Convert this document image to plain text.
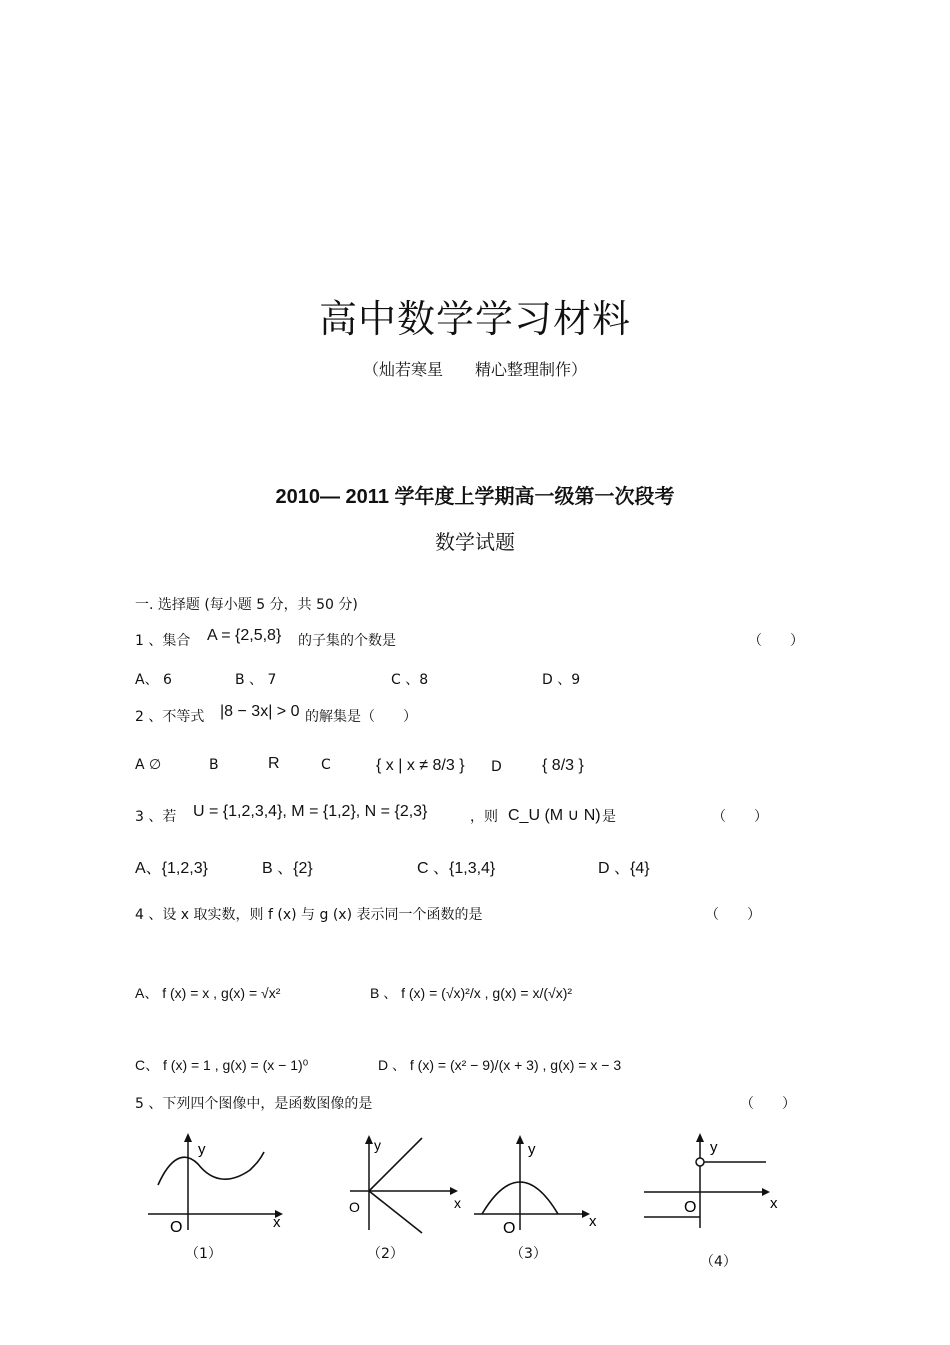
高中数学学习材料
（灿若寒星　　精心整理制作）
2010— 2011 学年度上学期高一级第一次段考
数学试题
一. 选择题 (每小题 5 分，共 50 分)
1 、集合 A = {2,5,8} 的子集的个数是	（　　）
A、 6	B 、 7	C 、8	D 、9
2 、不等式 |8 − 3x| > 0 的解集是（　　）
A ∅	B	R	C	{ x | x ≠ 8/3 } D	{ 8/3 }
3 、若 U = {1,2,3,4}, M = {1,2}, N = {2,3}	，则 C_U (M ∪ N) 是	（　　）
A、{1,2,3}	B 、{2}	C 、{1,3,4}	D 、{4}
4 、设 x 取实数，则 f (x) 与 g (x) 表示同一个函数的是	（　　）
A、 f (x) = x , g(x) = √x²	B 、 f (x) = (√x)²/x , g(x) = x/(√x)²
C、 f (x) = 1 , g(x) = (x − 1)⁰	D 、 f (x) = (x² − 9)/(x + 3) , g(x) = x − 3
5 、下列四个图像中，是函数图像的是	（　　）
y
x
O
（1）
y
x
O
（2）
y
x
O
（3）
y
x
O
（4）
